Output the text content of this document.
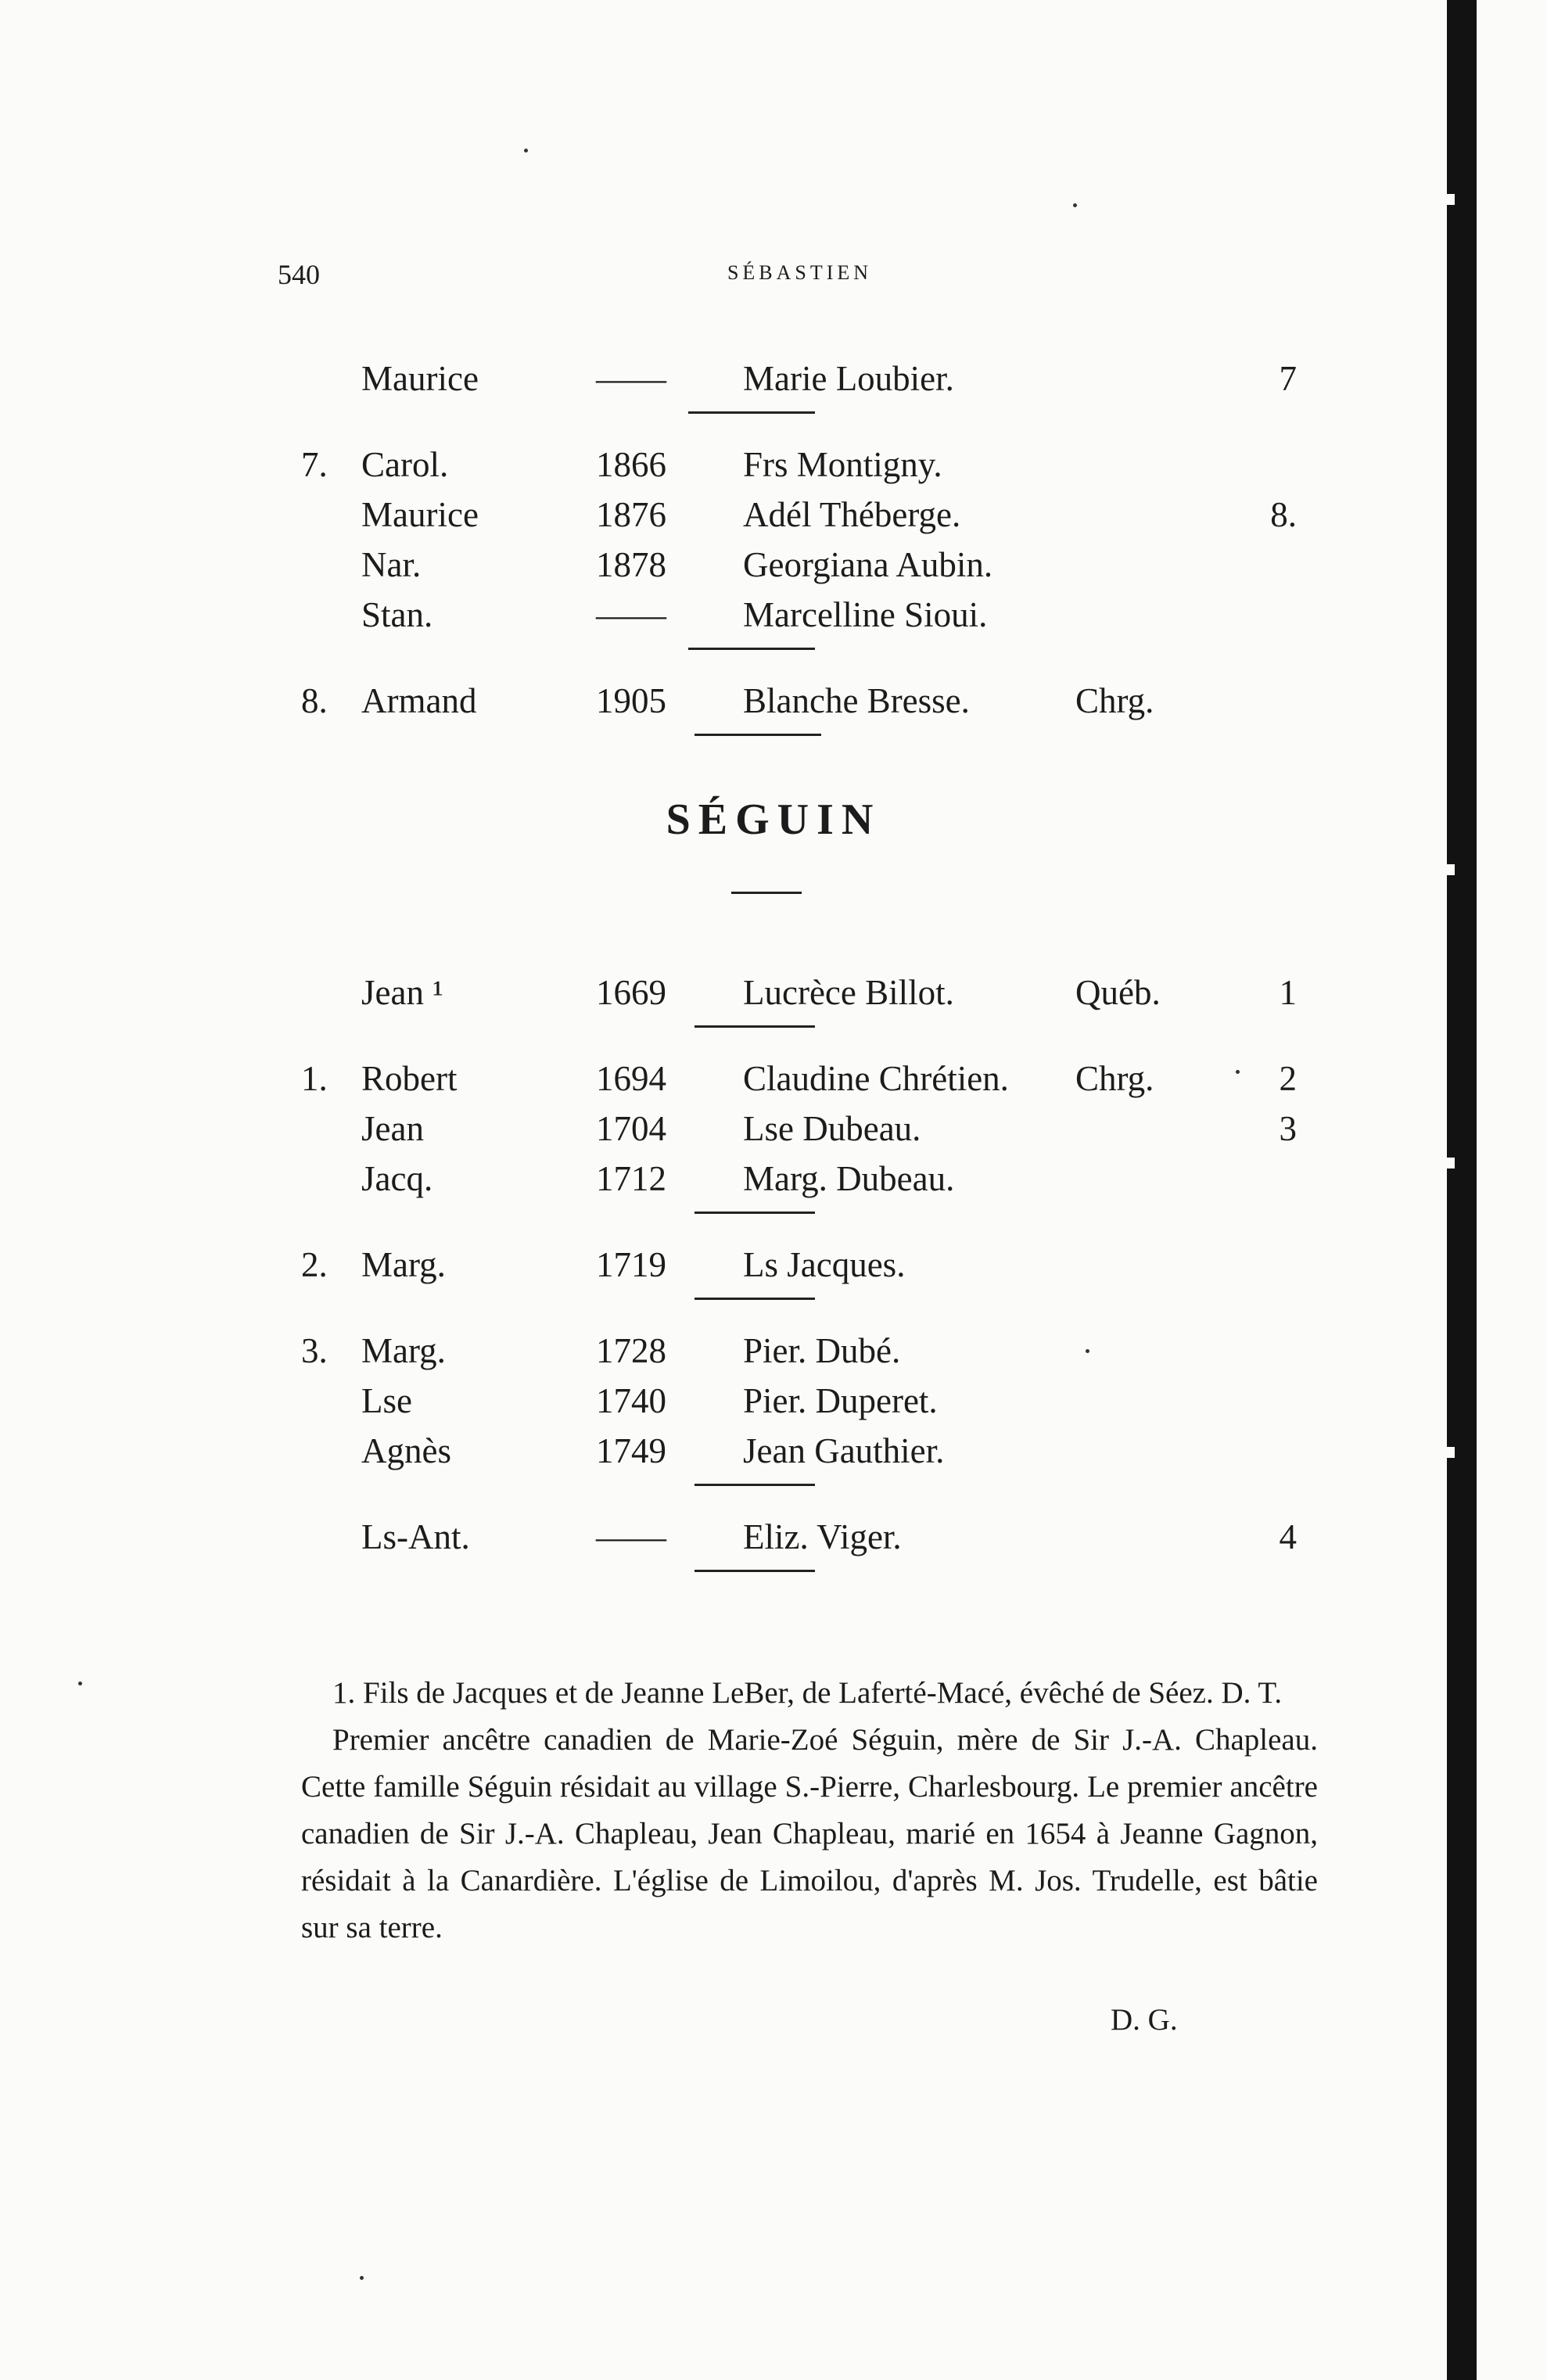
540	SÉBASTIEN
Maurice	—— Marie Loubier.	7
7. Carol.	1866 Frs Montigny.
Maurice	1876 Adél Théberge.	8.
Nar.	1878 Georgiana Aubin.
Stan.	—— Marcelline Sioui.
8. Armand	1905 Blanche Bresse.	Chrg.
SÉGUIN
Jean ¹	1669 Lucrèce Billot.	Québ.	1
1. Robert	1694 Claudine Chrétien. Chrg.	2
Jean	1704 Lse Dubeau.	3
Jacq.	1712 Marg. Dubeau.
2. Marg.	1719 Ls Jacques.
3. Marg.	1728 Pier. Dubé.
Lse	1740 Pier. Duperet.
Agnès	1749 Jean Gauthier.
Ls-Ant.	—— Eliz. Viger.	4

1. Fils de Jacques et de Jeanne LeBer, de Laferté-Macé, évêché de Séez. D. T.

Premier ancêtre canadien de Marie-Zoé Séguin, mère de Sir J.-A. Chapleau. Cette famille Séguin résidait au village S.-Pierre, Charlesbourg. Le premier ancêtre canadien de Sir J.-A. Chapleau, Jean Chapleau, marié en 1654 à Jeanne Gagnon, résidait à la Canardière. L'église de Limoilou, d'après M. Jos. Trudelle, est bâtie sur sa terre.

D. G.
